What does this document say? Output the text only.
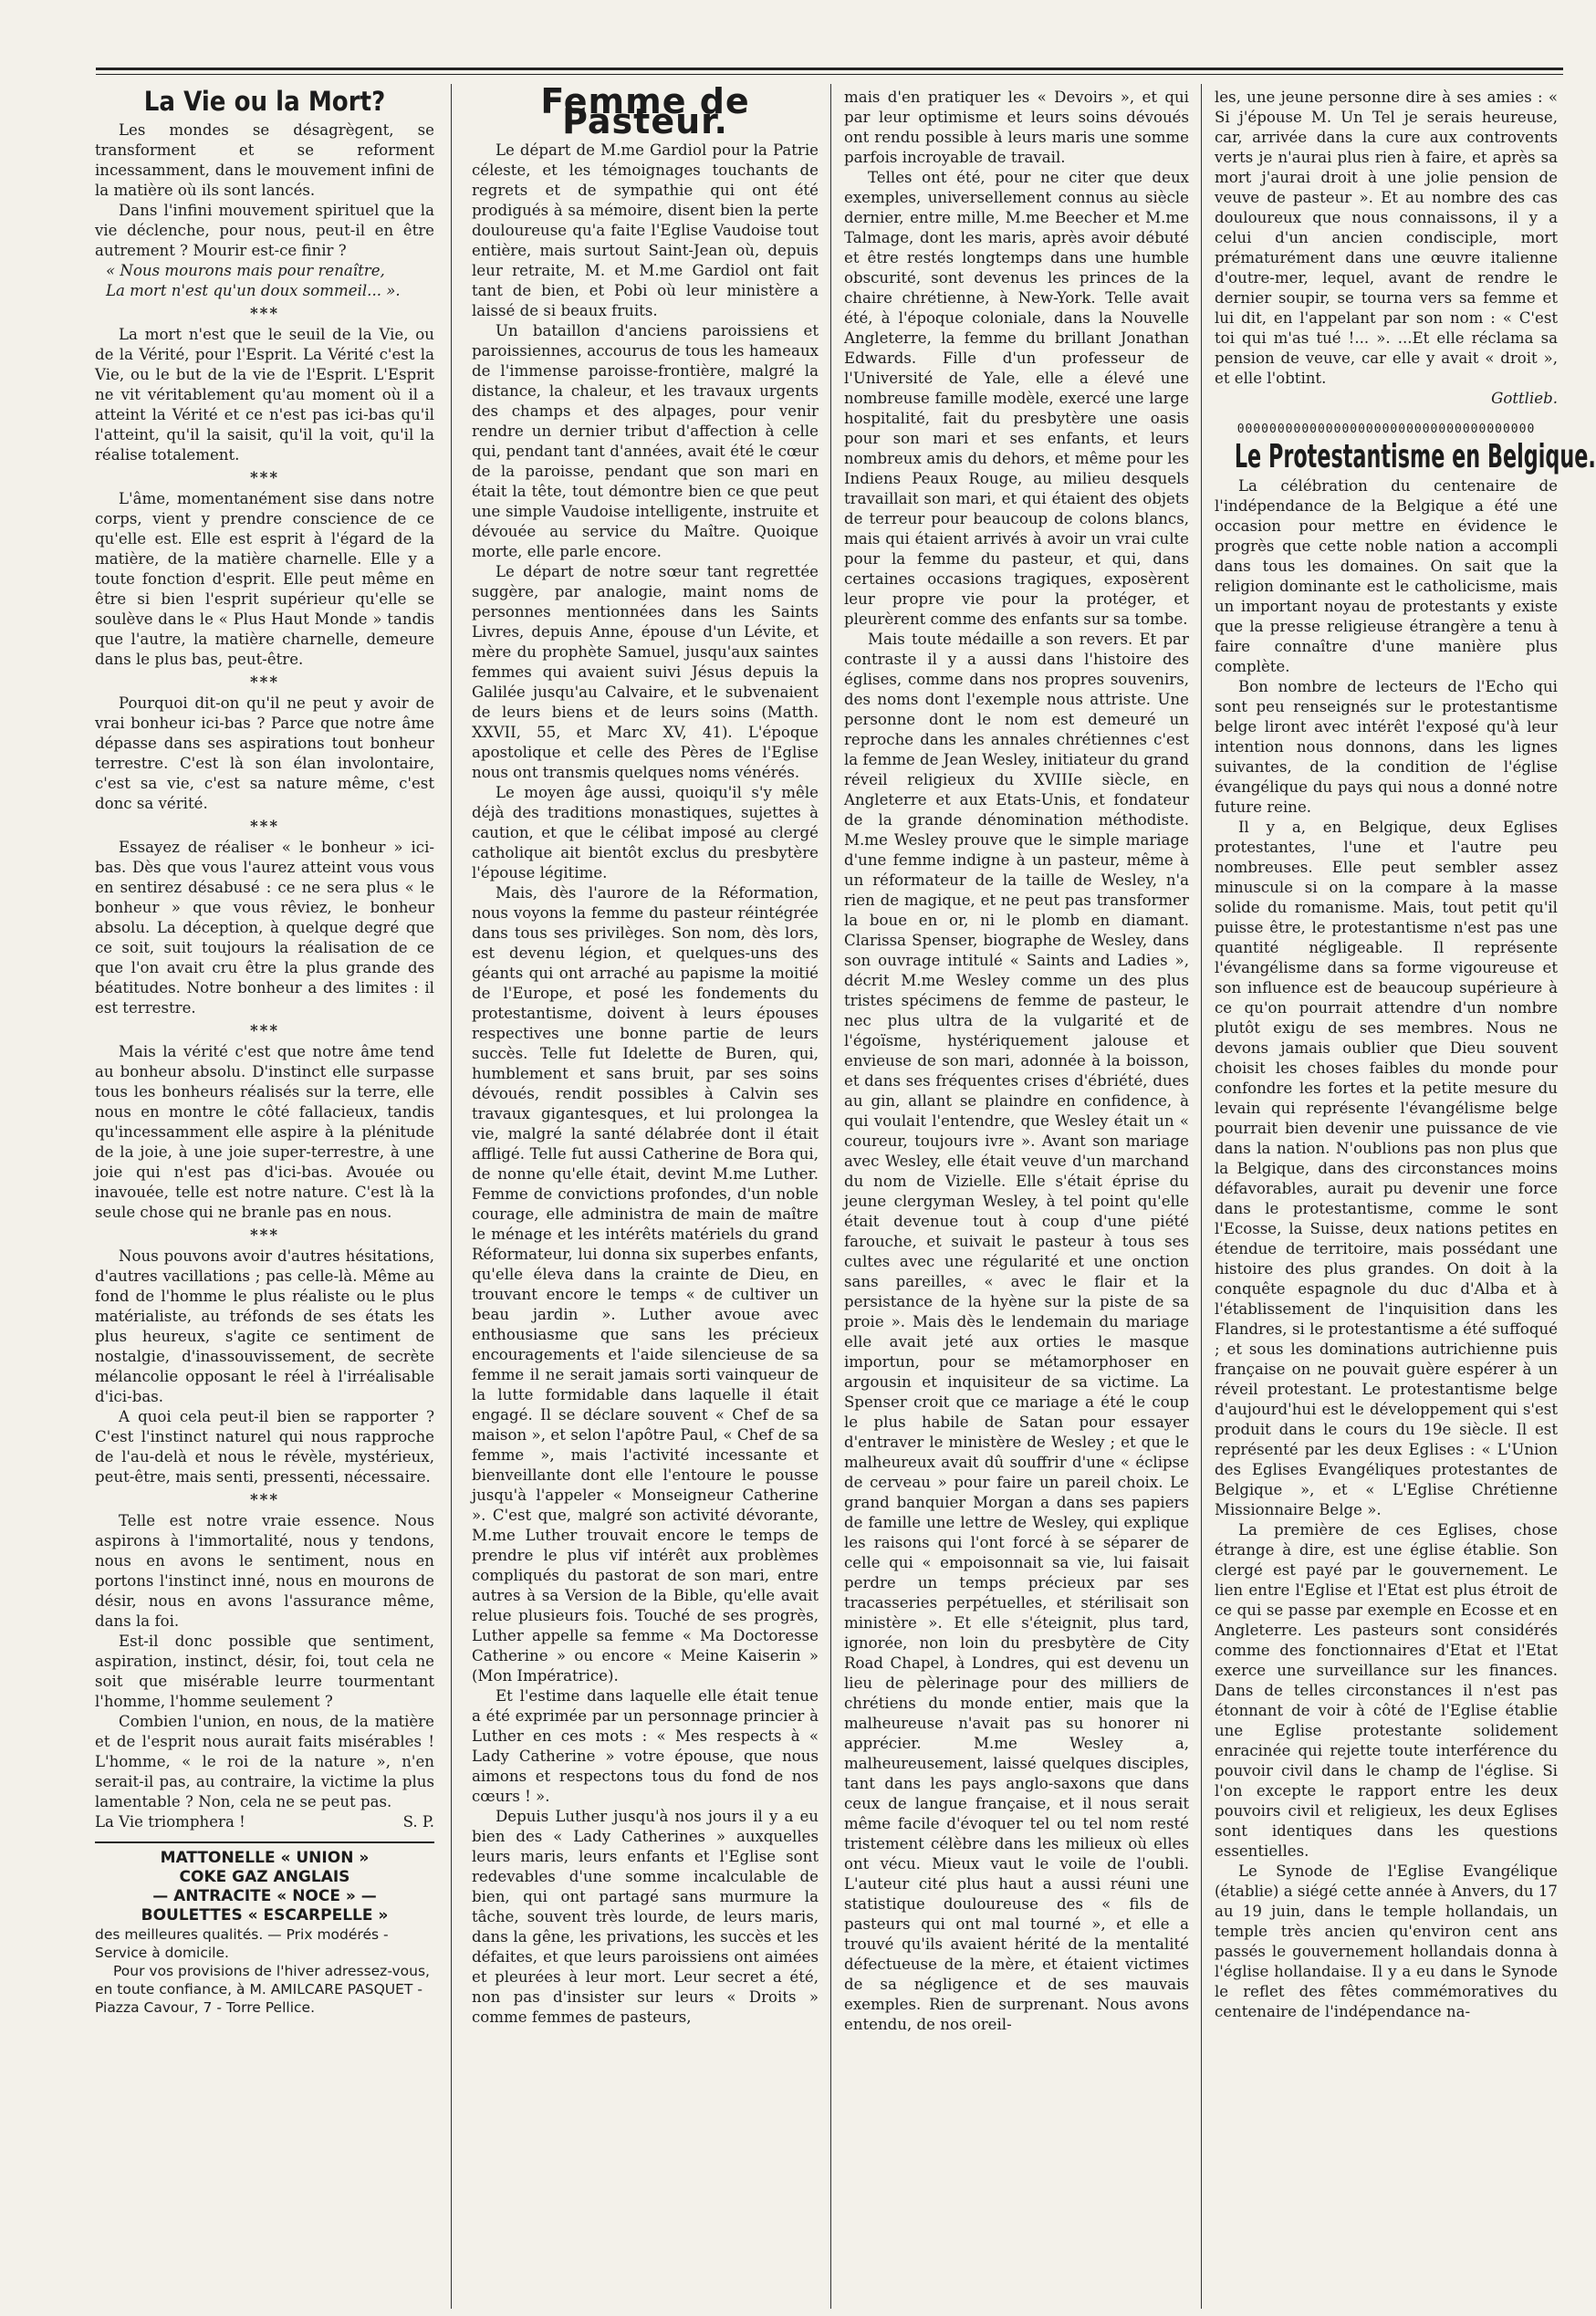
La Vie ou la Mort?

Les mondes se désagrègent, se transforment et se reforment incessamment, dans le mouvement infini de la matière où ils sont lancés.

Dans l'infini mouvement spirituel que la vie déclenche, pour nous, peut-il en être autrement ? Mourir est-ce finir ?

« Nous mourons mais pour renaître,

La mort n'est qu'un doux sommeil... ».

***

La mort n'est que le seuil de la Vie, ou de la Vérité, pour l'Esprit. La Vérité c'est la Vie, ou le but de la vie de l'Esprit. L'Esprit ne vit véritablement qu'au moment où il a atteint la Vérité et ce n'est pas ici-bas qu'il l'atteint, qu'il la saisit, qu'il la voit, qu'il la réalise totalement.

***

L'âme, momentanément sise dans notre corps, vient y prendre conscience de ce qu'elle est. Elle est esprit à l'égard de la matière, de la matière charnelle. Elle y a toute fonction d'esprit. Elle peut même en être si bien l'esprit supérieur qu'elle se soulève dans le « Plus Haut Monde » tandis que l'autre, la matière charnelle, demeure dans le plus bas, peut-être.

***

Pourquoi dit-on qu'il ne peut y avoir de vrai bonheur ici-bas ? Parce que notre âme dépasse dans ses aspirations tout bonheur terrestre. C'est là son élan involontaire, c'est sa vie, c'est sa nature même, c'est donc sa vérité.

***

Essayez de réaliser « le bonheur » ici-bas. Dès que vous l'aurez atteint vous vous en sentirez désabusé : ce ne sera plus « le bonheur » que vous rêviez, le bonheur absolu. La déception, à quelque degré que ce soit, suit toujours la réalisation de ce que l'on avait cru être la plus grande des béatitudes. Notre bonheur a des limites : il est terrestre.

***

Mais la vérité c'est que notre âme tend au bonheur absolu. D'instinct elle surpasse tous les bonheurs réalisés sur la terre, elle nous en montre le côté fallacieux, tandis qu'incessamment elle aspire à la plénitude de la joie, à une joie super-terrestre, à une joie qui n'est pas d'ici-bas. Avouée ou inavouée, telle est notre nature. C'est là la seule chose qui ne branle pas en nous.

***

Nous pouvons avoir d'autres hésitations, d'autres vacillations ; pas celle-là. Même au fond de l'homme le plus réaliste ou le plus matérialiste, au tréfonds de ses états les plus heureux, s'agite ce sentiment de nostalgie, d'inassouvissement, de secrète mélancolie opposant le réel à l'irréalisable d'ici-bas.

A quoi cela peut-il bien se rapporter ? C'est l'instinct naturel qui nous rapproche de l'au-delà et nous le révèle, mystérieux, peut-être, mais senti, pressenti, nécessaire.

***

Telle est notre vraie essence. Nous aspirons à l'immortalité, nous y tendons, nous en avons le sentiment, nous en portons l'instinct inné, nous en mourons de désir, nous en avons l'assurance même, dans la foi.

Est-il donc possible que sentiment, aspiration, instinct, désir, foi, tout cela ne soit que misérable leurre tourmentant l'homme, l'homme seulement ?

Combien l'union, en nous, de la matière et de l'esprit nous aurait faits misérables ! L'homme, « le roi de la nature », n'en serait-il pas, au contraire, la victime la plus lamentable ? Non, cela ne se peut pas.

La Vie triomphera !	S. P.
MATTONELLE « UNION »
COKE GAZ ANGLAIS
— ANTRACITE « NOCE » —
BOULETTES « ESCARPELLE »

des meilleures qualités. — Prix modérés - Service à domicile.

Pour vos provisions de l'hiver adressez-vous, en toute confiance, à M. AMILCARE PASQUET - Piazza Cavour, 7 - Torre Pellice.

Femme de Pasteur.

Le départ de M.me Gardiol pour la Patrie céleste, et les témoignages touchants de regrets et de sympathie qui ont été prodigués à sa mémoire, disent bien la perte douloureuse qu'a faite l'Eglise Vaudoise tout entière, mais surtout Saint-Jean où, depuis leur retraite, M. et M.me Gardiol ont fait tant de bien, et Pobi où leur ministère a laissé de si beaux fruits.

Un bataillon d'anciens paroissiens et paroissiennes, accourus de tous les hameaux de l'immense paroisse-frontière, malgré la distance, la chaleur, et les travaux urgents des champs et des alpages, pour venir rendre un dernier tribut d'affection à celle qui, pendant tant d'années, avait été le cœur de la paroisse, pendant que son mari en était la tête, tout démontre bien ce que peut une simple Vaudoise intelligente, instruite et dévouée au service du Maître. Quoique morte, elle parle encore.

Le départ de notre sœur tant regrettée suggère, par analogie, maint noms de personnes mentionnées dans les Saints Livres, depuis Anne, épouse d'un Lévite, et mère du prophète Samuel, jusqu'aux saintes femmes qui avaient suivi Jésus depuis la Galilée jusqu'au Calvaire, et le subvenaient de leurs biens et de leurs soins (Matth. XXVII, 55, et Marc XV, 41). L'époque apostolique et celle des Pères de l'Eglise nous ont transmis quelques noms vénérés.

Le moyen âge aussi, quoiqu'il s'y mêle déjà des traditions monastiques, sujettes à caution, et que le célibat imposé au clergé catholique ait bientôt exclus du presbytère l'épouse légitime.

Mais, dès l'aurore de la Réformation, nous voyons la femme du pasteur réintégrée dans tous ses privilèges. Son nom, dès lors, est devenu légion, et quelques-uns des géants qui ont arraché au papisme la moitié de l'Europe, et posé les fondements du protestantisme, doivent à leurs épouses respectives une bonne partie de leurs succès. Telle fut Idelette de Buren, qui, humblement et sans bruit, par ses soins dévoués, rendit possibles à Calvin ses travaux gigantesques, et lui prolongea la vie, malgré la santé délabrée dont il était affligé. Telle fut aussi Catherine de Bora qui, de nonne qu'elle était, devint M.me Luther. Femme de convictions profondes, d'un noble courage, elle administra de main de maître le ménage et les intérêts matériels du grand Réformateur, lui donna six superbes enfants, qu'elle éleva dans la crainte de Dieu, en trouvant encore le temps « de cultiver un beau jardin ». Luther avoue avec enthousiasme que sans les précieux encouragements et l'aide silencieuse de sa femme il ne serait jamais sorti vainqueur de la lutte formidable dans laquelle il était engagé. Il se déclare souvent « Chef de sa maison », et selon l'apôtre Paul, « Chef de sa femme », mais l'activité incessante et bienveillante dont elle l'entoure le pousse jusqu'à l'appeler « Monseigneur Catherine ». C'est que, malgré son activité dévorante, M.me Luther trouvait encore le temps de prendre le plus vif intérêt aux problèmes compliqués du pastorat de son mari, entre autres à sa Version de la Bible, qu'elle avait relue plusieurs fois. Touché de ses progrès, Luther appelle sa femme « Ma Doctoresse Catherine » ou encore « Meine Kaiserin » (Mon Impératrice).

Et l'estime dans laquelle elle était tenue a été exprimée par un personnage princier à Luther en ces mots : « Mes respects à « Lady Catherine » votre épouse, que nous aimons et respectons tous du fond de nos cœurs ! ».

Depuis Luther jusqu'à nos jours il y a eu bien des « Lady Catherines » auxquelles leurs maris, leurs enfants et l'Eglise sont redevables d'une somme incalculable de bien, qui ont partagé sans murmure la tâche, souvent très lourde, de leurs maris, dans la gêne, les privations, les succès et les défaites, et que leurs paroissiens ont aimées et pleurées à leur mort. Leur secret a été, non pas d'insister sur leurs « Droits » comme femmes de pasteurs,

mais d'en pratiquer les « Devoirs », et qui par leur optimisme et leurs soins dévoués ont rendu possible à leurs maris une somme parfois incroyable de travail.

Telles ont été, pour ne citer que deux exemples, universellement connus au siècle dernier, entre mille, M.me Beecher et M.me Talmage, dont les maris, après avoir débuté et être restés longtemps dans une humble obscurité, sont devenus les princes de la chaire chrétienne, à New-York. Telle avait été, à l'époque coloniale, dans la Nouvelle Angleterre, la femme du brillant Jonathan Edwards. Fille d'un professeur de l'Université de Yale, elle a élevé une nombreuse famille modèle, exercé une large hospitalité, fait du presbytère une oasis pour son mari et ses enfants, et leurs nombreux amis du dehors, et même pour les Indiens Peaux Rouge, au milieu desquels travaillait son mari, et qui étaient des objets de terreur pour beaucoup de colons blancs, mais qui étaient arrivés à avoir un vrai culte pour la femme du pasteur, et qui, dans certaines occasions tragiques, exposèrent leur propre vie pour la protéger, et pleurèrent comme des enfants sur sa tombe.

Mais toute médaille a son revers. Et par contraste il y a aussi dans l'histoire des églises, comme dans nos propres souvenirs, des noms dont l'exemple nous attriste. Une personne dont le nom est demeuré un reproche dans les annales chrétiennes c'est la femme de Jean Wesley, initiateur du grand réveil religieux du XVIIIe siècle, en Angleterre et aux Etats-Unis, et fondateur de la grande dénomination méthodiste. M.me Wesley prouve que le simple mariage d'une femme indigne à un pasteur, même à un réformateur de la taille de Wesley, n'a rien de magique, et ne peut pas transformer la boue en or, ni le plomb en diamant. Clarissa Spenser, biographe de Wesley, dans son ouvrage intitulé « Saints and Ladies », décrit M.me Wesley comme un des plus tristes spécimens de femme de pasteur, le nec plus ultra de la vulgarité et de l'égoïsme, hystériquement jalouse et envieuse de son mari, adonnée à la boisson, et dans ses fréquentes crises d'ébriété, dues au gin, allant se plaindre en confidence, à qui voulait l'entendre, que Wesley était un « coureur, toujours ivre ». Avant son mariage avec Wesley, elle était veuve d'un marchand du nom de Vizielle. Elle s'était éprise du jeune clergyman Wesley, à tel point qu'elle était devenue tout à coup d'une piété farouche, et suivait le pasteur à tous ses cultes avec une régularité et une onction sans pareilles, « avec le flair et la persistance de la hyène sur la piste de sa proie ». Mais dès le lendemain du mariage elle avait jeté aux orties le masque importun, pour se métamorphoser en argousin et inquisiteur de sa victime. La Spenser croit que ce mariage a été le coup le plus habile de Satan pour essayer d'entraver le ministère de Wesley ; et que le malheureux avait dû souffrir d'une « éclipse de cerveau » pour faire un pareil choix. Le grand banquier Morgan a dans ses papiers de famille une lettre de Wesley, qui explique les raisons qui l'ont forcé à se séparer de celle qui « empoisonnait sa vie, lui faisait perdre un temps précieux par ses tracasseries perpétuelles, et stérilisait son ministère ». Et elle s'éteignit, plus tard, ignorée, non loin du presbytère de City Road Chapel, à Londres, qui est devenu un lieu de pèlerinage pour des milliers de chrétiens du monde entier, mais que la malheureuse n'avait pas su honorer ni apprécier. M.me Wesley a, malheureusement, laissé quelques disciples, tant dans les pays anglo-saxons que dans ceux de langue française, et il nous serait même facile d'évoquer tel ou tel nom resté tristement célèbre dans les milieux où elles ont vécu. Mieux vaut le voile de l'oubli. L'auteur cité plus haut a aussi réuni une statistique douloureuse des « fils de pasteurs qui ont mal tourné », et elle a trouvé qu'ils avaient hérité de la mentalité défectueuse de la mère, et étaient victimes de sa négligence et de ses mauvais exemples. Rien de surprenant. Nous avons entendu, de nos oreil-

les, une jeune personne dire à ses amies : « Si j'épouse M. Un Tel je serais heureuse, car, arrivée dans la cure aux controvents verts je n'aurai plus rien à faire, et après sa mort j'aurai droit à une jolie pension de veuve de pasteur ». Et au nombre des cas douloureux que nous connaissons, il y a celui d'un ancien condisciple, mort prématurément dans une œuvre italienne d'outre-mer, lequel, avant de rendre le dernier soupir, se tourna vers sa femme et lui dit, en l'appelant par son nom : « C'est toi qui m'as tué !... ». ...Et elle réclama sa pension de veuve, car elle y avait « droit », et elle l'obtint.

Gottlieb.
0000000000000000000000000000000000000
Le Protestantisme en Belgique.

La célébration du centenaire de l'indépendance de la Belgique a été une occasion pour mettre en évidence le progrès que cette noble nation a accompli dans tous les domaines. On sait que la religion dominante est le catholicisme, mais un important noyau de protestants y existe que la presse religieuse étrangère a tenu à faire connaître d'une manière plus complète.

Bon nombre de lecteurs de l'Echo qui sont peu renseignés sur le protestantisme belge liront avec intérêt l'exposé qu'à leur intention nous donnons, dans les lignes suivantes, de la condition de l'église évangélique du pays qui nous a donné notre future reine.

Il y a, en Belgique, deux Eglises protestantes, l'une et l'autre peu nombreuses. Elle peut sembler assez minuscule si on la compare à la masse solide du romanisme. Mais, tout petit qu'il puisse être, le protestantisme n'est pas une quantité négligeable. Il représente l'évangélisme dans sa forme vigoureuse et son influence est de beaucoup supérieure à ce qu'on pourrait attendre d'un nombre plutôt exigu de ses membres. Nous ne devons jamais oublier que Dieu souvent choisit les choses faibles du monde pour confondre les fortes et la petite mesure du levain qui représente l'évangélisme belge pourrait bien devenir une puissance de vie dans la nation. N'oublions pas non plus que la Belgique, dans des circonstances moins défavorables, aurait pu devenir une force dans le protestantisme, comme le sont l'Ecosse, la Suisse, deux nations petites en étendue de territoire, mais possédant une histoire des plus grandes. On doit à la conquête espagnole du duc d'Alba et à l'établissement de l'inquisition dans les Flandres, si le protestantisme a été suffoqué ; et sous les dominations autrichienne puis française on ne pouvait guère espérer à un réveil protestant. Le protestantisme belge d'aujourd'hui est le développement qui s'est produit dans le cours du 19e siècle. Il est représenté par les deux Eglises : « L'Union des Eglises Evangéliques protestantes de Belgique », et « L'Eglise Chrétienne Missionnaire Belge ».

La première de ces Eglises, chose étrange à dire, est une église établie. Son clergé est payé par le gouvernement. Le lien entre l'Eglise et l'Etat est plus étroit de ce qui se passe par exemple en Ecosse et en Angleterre. Les pasteurs sont considérés comme des fonctionnaires d'Etat et l'Etat exerce une surveillance sur les finances. Dans de telles circonstances il n'est pas étonnant de voir à côté de l'Eglise établie une Eglise protestante solidement enracinée qui rejette toute interférence du pouvoir civil dans le champ de l'église. Si l'on excepte le rapport entre les deux pouvoirs civil et religieux, les deux Eglises sont identiques dans les questions essentielles.

Le Synode de l'Eglise Evangélique (établie) a siégé cette année à Anvers, du 17 au 19 juin, dans le temple hollandais, un temple très ancien qu'environ cent ans passés le gouvernement hollandais donna à l'église hollandaise. Il y a eu dans le Synode le reflet des fêtes commémoratives du centenaire de l'indépendance na-
